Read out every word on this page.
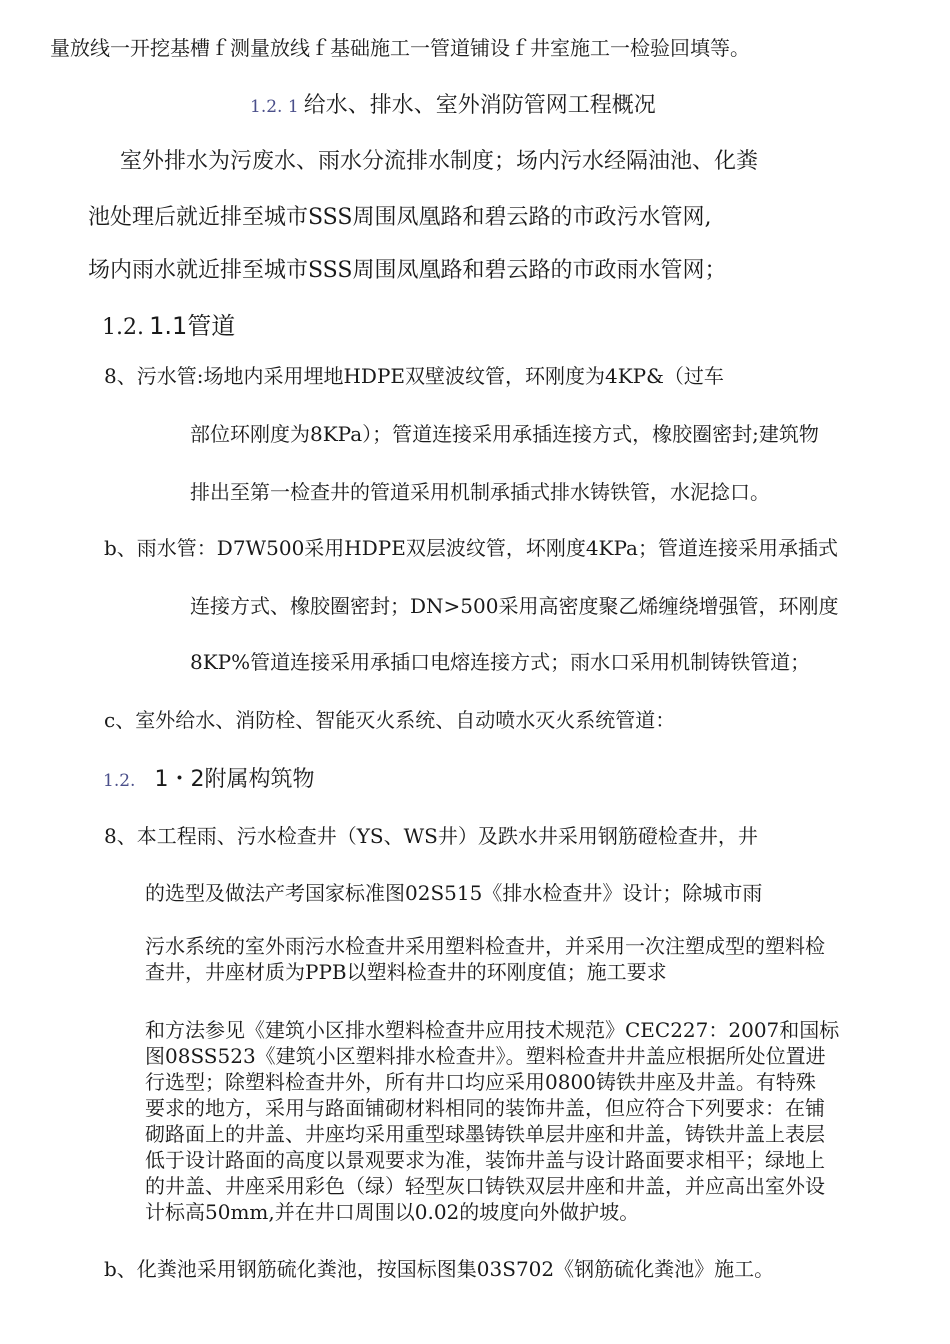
量放线一开挖基槽ｆ测量放线ｆ基础施工一管道铺设ｆ井室施工一检验回填等。

1.2. 1 给水、排水、室外消防管网工程概况

室外排水为污废水、雨水分流排水制度；场内污水经隔油池、化粪

池处理后就近排至城市SSS周围凤凰路和碧云路的市政污水管网,

场内雨水就近排至城市SSS周围凤凰路和碧云路的市政雨水管网；

1.2. 1.1管道

8、污水管:场地内采用埋地HDPE双壁波纹管，环刚度为4KP&（过车

部位环刚度为8KPa）；管道连接采用承插连接方式，橡胶圈密封;建筑物

排出至第一检查井的管道采用机制承插式排水铸铁管，水泥捻口。

b、雨水管：D7W500采用HDPE双层波纹管，坏刚度4KPa；管道连接采用承插式

连接方式、橡胶圈密封；DN>500采用高密度聚乙烯缠绕增强管，环刚度

8KP%管道连接采用承插口电熔连接方式；雨水口采用机制铸铁管道；

c、室外给水、消防栓、智能灭火系统、自动喷水灭火系统管道：

1.2. 1・2附属构筑物

8、本工程雨、污水检查井（YS、WS井）及跌水井采用钢筋磴检查井，井

的选型及做法产考国家标准图02S515《排水检查井》设计；除城市雨

污水系统的室外雨污水检查井采用塑料检查井，并采用一次注塑成型的塑料检
查井，井座材质为PPB以塑料检查井的环刚度值；施工要求
和方法参见《建筑小区排水塑料检查井应用技术规范》CEC227：2007和国标
图08SS523《建筑小区塑料排水检查井》。塑料检查井井盖应根据所处位置进
行选型；除塑料检查井外，所有井口均应采用0800铸铁井座及井盖。有特殊
要求的地方，采用与路面铺砌材料相同的装饰井盖，但应符合下列要求：在铺
砌路面上的井盖、井座均采用重型球墨铸铁单层井座和井盖，铸铁井盖上表层
低于设计路面的高度以景观要求为准，装饰井盖与设计路面要求相平；绿地上
的井盖、井座采用彩色（绿）轻型灰口铸铁双层井座和井盖，并应高出室外设
计标高50mm,并在井口周围以0.02的坡度向外做护坡。

b、化粪池采用钢筋硫化粪池，按国标图集03S702《钢筋硫化粪池》施工。
